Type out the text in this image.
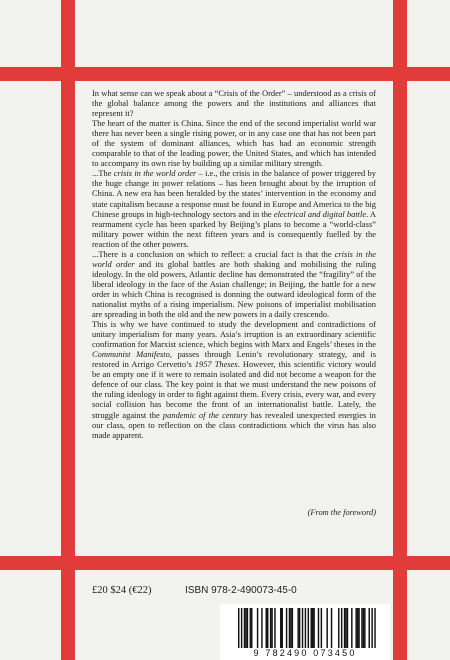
In what sense can we speak about a “Crisis of the Order” – understood as a crisis of the global balance among the powers and the institutions and alliances that represent it?

The heart of the matter is China. Since the end of the second imperialist world war there has never been a single rising power, or in any case one that has not been part of the system of dominant alliances, which has had an economic strength comparable to that of the leading power, the United States, and which has intended to accompany its own rise by building up a similar military strength.

...The crisis in the world order – i.e., the crisis in the balance of power triggered by the huge change in power relations – has been brought about by the irruption of China. A new era has been heralded by the states’ intervention in the economy and state capitalism because a response must be found in Europe and America to the big Chinese groups in high-technology sectors and in the electrical and digital battle. A rearmament cycle has been sparked by Beijing’s plans to become a “world-class” military power within the next fifteen years and is consequently fuelled by the reaction of the other powers.

...There is a conclusion on which to reflect: a crucial fact is that the crisis in the world order and its global battles are both shaking and mobilising the ruling ideology. In the old powers, Atlantic decline has demonstrated the “fragility” of the liberal ideology in the face of the Asian challenge; in Beijing, the battle for a new order in which China is recognised is donning the outward ideological form of the nationalist myths of a rising imperialism. New poisons of imperialist mobilisation are spreading in both the old and the new powers in a daily crescendo.

This is why we have continued to study the development and contradictions of unitary imperialism for many years. Asia’s irruption is an extraordinary scientific confirmation for Marxist science, which begins with Marx and Engels’ theses in the Communist Manifesto, passes through Lenin’s revolutionary strategy, and is restored in Arrigo Cervetto’s 1957 Theses. However, this scientific victory would be an empty one if it were to remain isolated and did not become a weapon for the defence of our class. The key point is that we must understand the new poisons of the ruling ideology in order to fight against them. Every crisis, every war, and every social collision has become the front of an internationalist battle. Lately, the struggle against the pandemic of the century has revealed unexpected energies in our class, open to reflection on the class contradictions which the virus has also made apparent.

(From the foreword)
£20 $24 (€22)	ISBN 978-2-490073-45-0
9 782490 073450
